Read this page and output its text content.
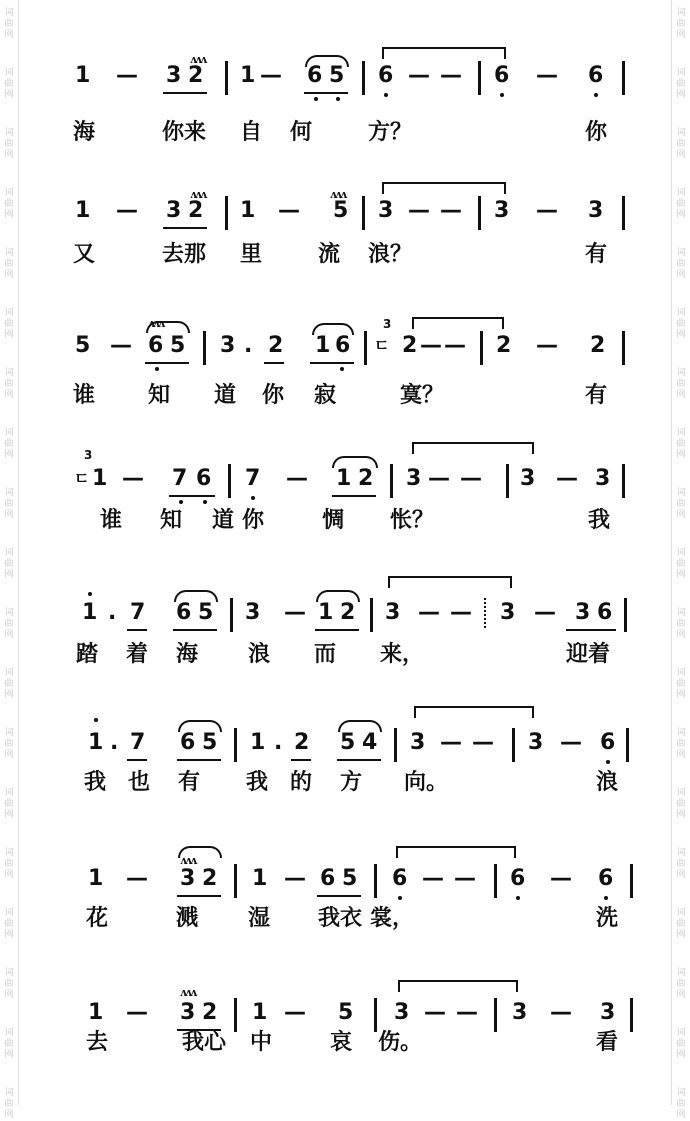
词
曲
网
词
曲
网
词
曲
网
词
曲
网
词
曲
网
词
曲
网
词
曲
网
词
曲
网
词
曲
网
词
曲
网
词
曲
网
词
曲
网
词
曲
网
词
曲
网
词
曲
网
词
曲
网
词
曲
网
词
曲
网
词
曲
网
词
曲
网
词
曲
网
词
曲
网
词
曲
网
词
曲
网
词
曲
网
词
曲
网
词
曲
网
词
曲
网
词
曲
网
词
曲
网
词
曲
网
词
曲
网
词
曲
网
词
曲
网
词
曲
网
词
曲
网
词
曲
网
词
曲
网
1 — 3 2
ʌʌʌ
1 — 6 5 6 — — 6 — 6
海	你来 自 何	方？	你
1 — 3 2
ʌʌʌ
1 —
ʌʌʌ
5 3 — — 3 — 3
又	去那 里	流 浪？	有
5 — 6 5
ʌʌʌ
3 . 2 1 6
3
ㄷ 2 — — 2 — 2
谁 知 道 你 寂	寞？	有
3
ㄷ 1 — 7 6 7 — 1 2 3 — — 3 — 3
谁 知 道 你	惆 怅？	我
1 . 7 6 5 3 — 1 2 3 — — 3 — 3 6
踏 着 海 浪 而 来，	迎着
1 . 7 6 5 1 . 2 5 4 3 — — 3 — 6
我 也 有 我 的 方 向。	浪
1 — 3 2
ʌʌʌ
1 — 6 5 6 — — 6 — 6
花	溅 湿 我衣 裳，	洗
1 — 3 2
ʌʌʌ
1 — 5 3 — — 3 — 3
去	我心 中	哀 伤。	看
